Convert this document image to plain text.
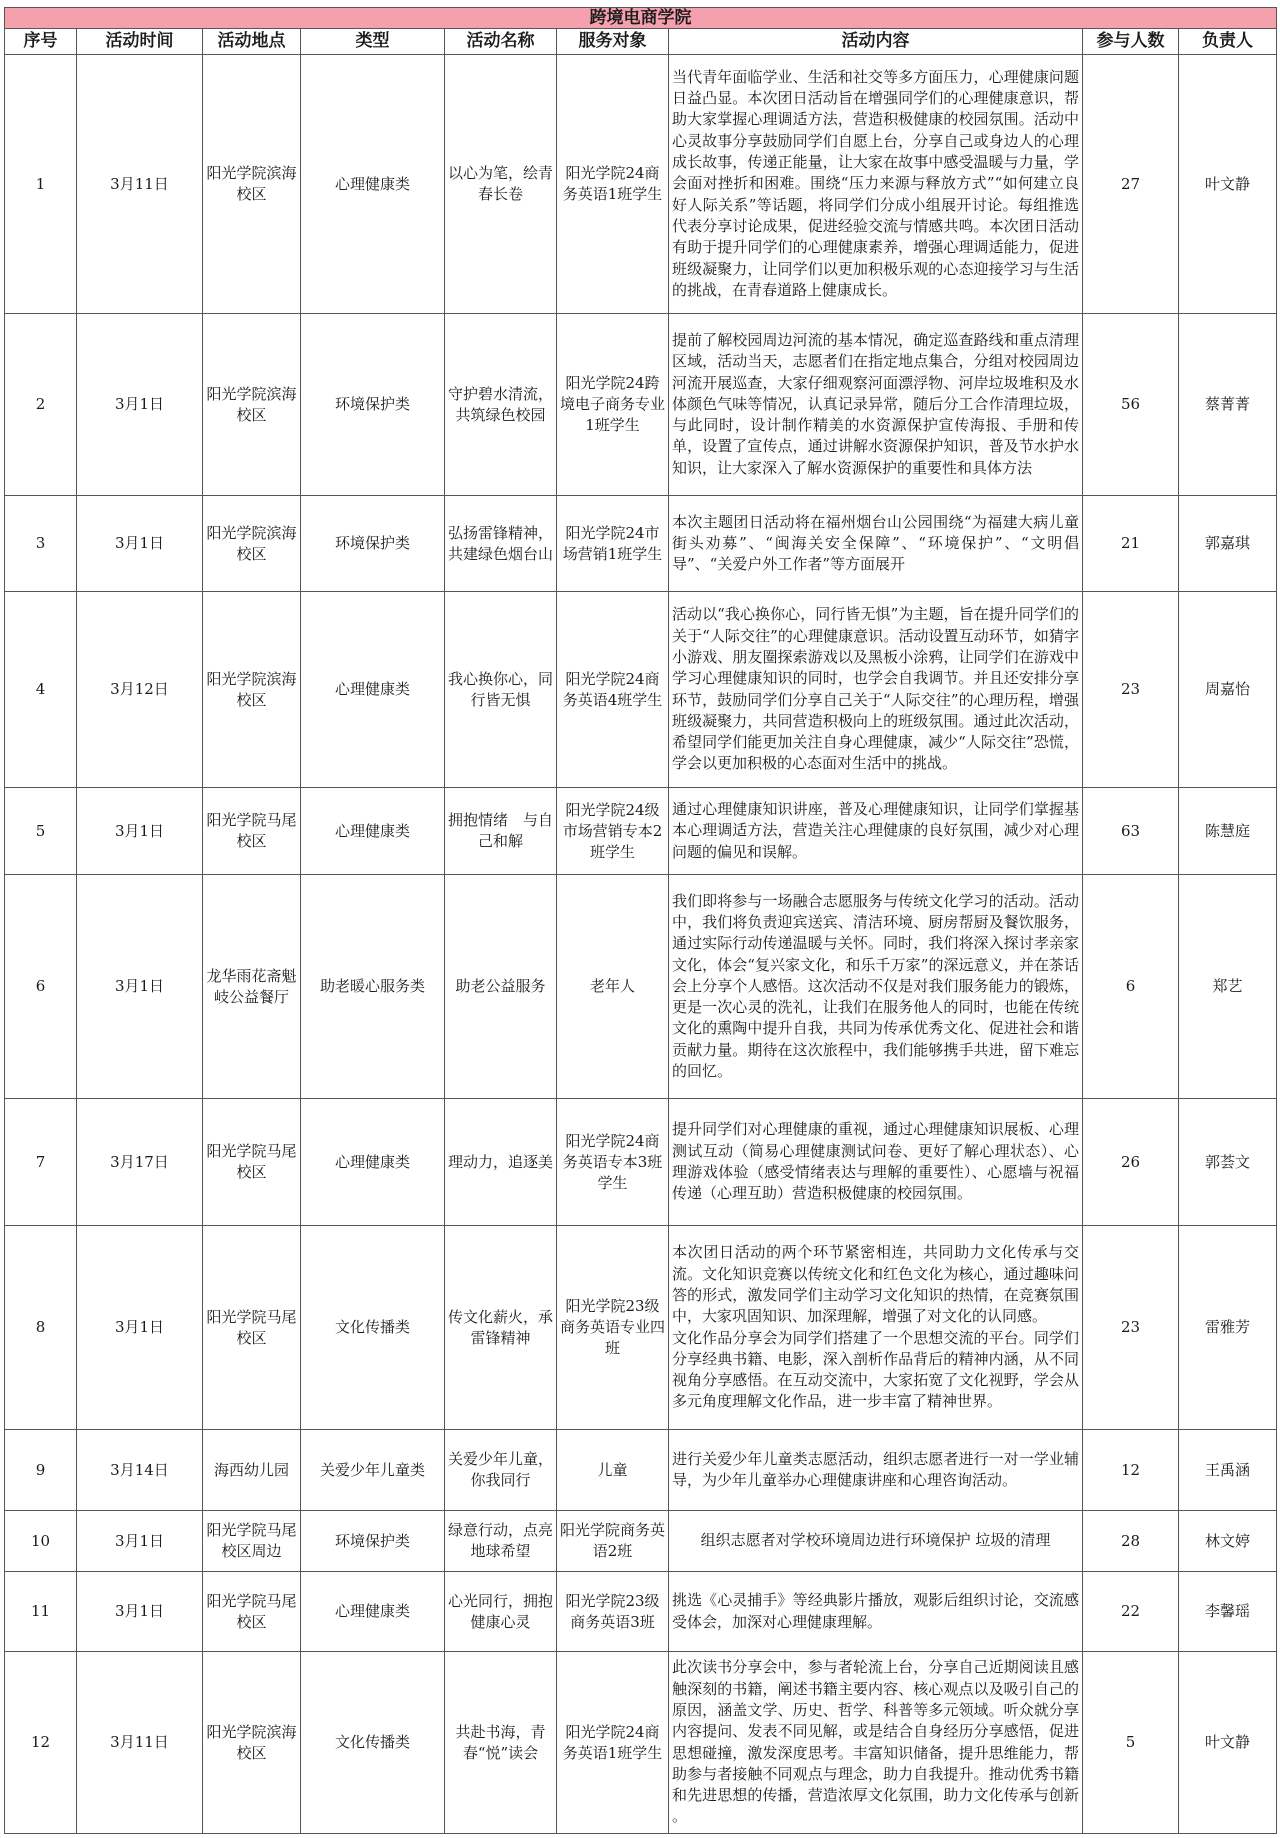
跨境电商学院								
序号	活动时间	活动地点	类型	活动名称	服务对象	活动内容	参与人数	负责人
1	3月11日	阳光学院滨海校区	心理健康类	以心为笔，绘青春长卷	阳光学院24商务英语1班学生	当代青年面临学业、生活和社交等多方面压力，心理健康问题日益凸显。本次团日活动旨在增强同学们的心理健康意识，帮助大家掌握心理调适方法，营造积极健康的校园氛围。活动中心灵故事分享鼓励同学们自愿上台，分享自己或身边人的心理成长故事，传递正能量，让大家在故事中感受温暖与力量，学会面对挫折和困难。围绕“压力来源与释放方式”“如何建立良好人际关系”等话题，将同学们分成小组展开讨论。每组推选代表分享讨论成果，促进经验交流与情感共鸣。本次团日活动有助于提升同学们的心理健康素养，增强心理调适能力，促进班级凝聚力，让同学们以更加积极乐观的心态迎接学习与生活的挑战，在青春道路上健康成长。	27	叶文静
2	3月1日	阳光学院滨海校区	环境保护类	守护碧水清流，共筑绿色校园	阳光学院24跨境电子商务专业1班学生	提前了解校园周边河流的基本情况，确定巡查路线和重点清理区域，活动当天，志愿者们在指定地点集合，分组对校园周边河流开展巡查，大家仔细观察河面漂浮物、河岸垃圾堆积及水体颜色气味等情况，认真记录异常，随后分工合作清理垃圾，与此同时，设计制作精美的水资源保护宣传海报、手册和传单，设置了宣传点，通过讲解水资源保护知识，普及节水护水知识，让大家深入了解水资源保护的重要性和具体方法	56	蔡菁菁
3	3月1日	阳光学院滨海校区	环境保护类	弘扬雷锋精神，共建绿色烟台山	阳光学院24市场营销1班学生	本次主题团日活动将在福州烟台山公园围绕“为福建大病儿童街头劝募”、“闽海关安全保障”、“环境保护”、“文明倡导”、“关爱户外工作者”等方面展开	21	郭嘉琪
4	3月12日	阳光学院滨海校区	心理健康类	我心换你心，同行皆无惧	阳光学院24商务英语4班学生	活动以“我心换你心，同行皆无惧”为主题，旨在提升同学们的关于“人际交往”的心理健康意识。活动设置互动环节，如猜字小游戏、朋友圈探索游戏以及黑板小涂鸦，让同学们在游戏中学习心理健康知识的同时，也学会自我调节。并且还安排分享环节，鼓励同学们分享自己关于“人际交往”的心理历程，增强班级凝聚力，共同营造积极向上的班级氛围。通过此次活动，希望同学们能更加关注自身心理健康，减少“人际交往”恐慌，学会以更加积极的心态面对生活中的挑战。	23	周嘉怡
5	3月1日	阳光学院马尾校区	心理健康类	拥抱情绪　与自己和解	阳光学院24级市场营销专本2班学生	通过心理健康知识讲座，普及心理健康知识，让同学们掌握基本心理调适方法，营造关注心理健康的良好氛围，减少对心理问题的偏见和误解。	63	陈慧庭
6	3月1日	龙华雨花斋魁岐公益餐厅	助老暖心服务类	助老公益服务	老年人	我们即将参与一场融合志愿服务与传统文化学习的活动。活动中，我们将负责迎宾送宾、清洁环境、厨房帮厨及餐饮服务，通过实际行动传递温暖与关怀。同时，我们将深入探讨孝亲家文化，体会“复兴家文化，和乐千万家”的深远意义，并在茶话会上分享个人感悟。这次活动不仅是对我们服务能力的锻炼，更是一次心灵的洗礼，让我们在服务他人的同时，也能在传统文化的熏陶中提升自我，共同为传承优秀文化、促进社会和谐贡献力量。期待在这次旅程中，我们能够携手共进，留下难忘的回忆。	6	郑艺
7	3月17日	阳光学院马尾校区	心理健康类	理动力，追逐美	阳光学院24商务英语专本3班学生	提升同学们对心理健康的重视，通过心理健康知识展板、心理测试互动（简易心理健康测试问卷、更好了解心理状态）、心理游戏体验（感受情绪表达与理解的重要性）、心愿墙与祝福传递（心理互助）营造积极健康的校园氛围。	26	郭荟文
8	3月1日	阳光学院马尾校区	文化传播类	传文化薪火，承雷锋精神	阳光学院23级商务英语专业四班	本次团日活动的两个环节紧密相连，共同助力文化传承与交流。文化知识竞赛以传统文化和红色文化为核心，通过趣味问答的形式，激发同学们主动学习文化知识的热情，在竞赛氛围中，大家巩固知识、加深理解，增强了对文化的认同感。
文化作品分享会为同学们搭建了一个思想交流的平台。同学们分享经典书籍、电影，深入剖析作品背后的精神内涵，从不同视角分享感悟。在互动交流中，大家拓宽了文化视野，学会从多元角度理解文化作品，进一步丰富了精神世界。	23	雷雅芳
9	3月14日	海西幼儿园	关爱少年儿童类	关爱少年儿童，你我同行	儿童	进行关爱少年儿童类志愿活动，组织志愿者进行一对一学业辅导，为少年儿童举办心理健康讲座和心理咨询活动。	12	王禹涵
10	3月1日	阳光学院马尾校区周边	环境保护类	绿意行动，点亮地球希望	阳光学院商务英语2班	组织志愿者对学校环境周边进行环境保护 垃圾的清理	28	林文婷
11	3月1日	阳光学院马尾校区	心理健康类	心光同行，拥抱健康心灵	阳光学院23级商务英语3班	挑选《心灵捕手》等经典影片播放，观影后组织讨论，交流感受体会，加深对心理健康理解。	22	李馨瑶
12	3月11日	阳光学院滨海校区	文化传播类	共赴书海，青春“悦”读会	阳光学院24商务英语1班学生	此次读书分享会中，参与者轮流上台，分享自己近期阅读且感触深刻的书籍，阐述书籍主要内容、核心观点以及吸引自己的原因，涵盖文学、历史、哲学、科普等多元领域。听众就分享内容提问、发表不同见解，或是结合自身经历分享感悟，促进思想碰撞，激发深度思考。丰富知识储备，提升思维能力，帮助参与者接触不同观点与理念，助力自我提升。推动优秀书籍和先进思想的传播，营造浓厚文化氛围，助力文化传承与创新 。	5	叶文静
